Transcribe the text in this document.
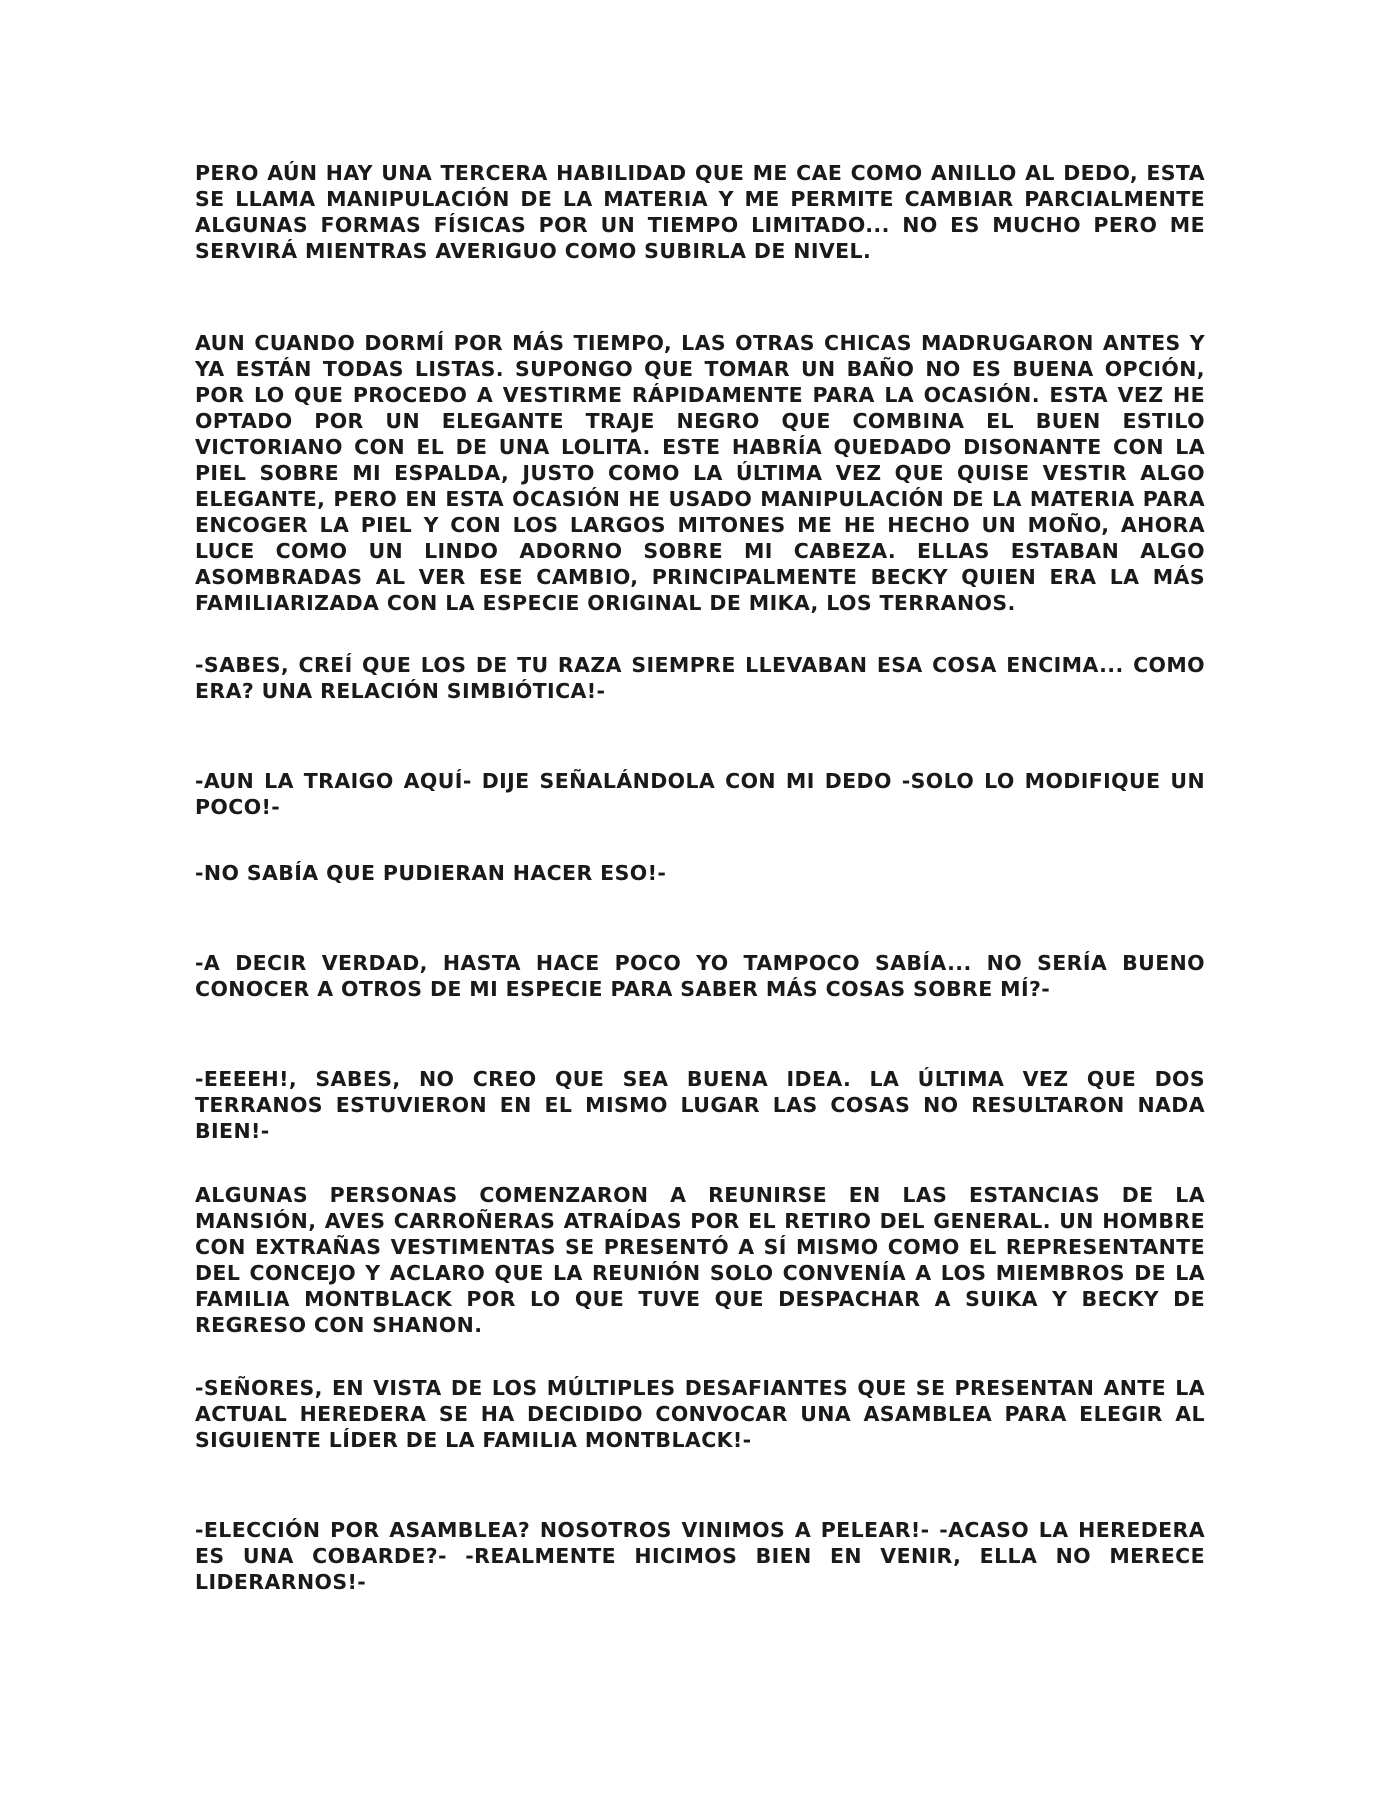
PERO AÚN HAY UNA TERCERA HABILIDAD QUE ME CAE COMO ANILLO AL DEDO, ESTA SE LLAMA MANIPULACIÓN DE LA MATERIA Y ME PERMITE CAMBIAR PARCIALMENTE ALGUNAS FORMAS FÍSICAS POR UN TIEMPO LIMITADO... NO ES MUCHO PERO ME SERVIRÁ MIENTRAS AVERIGUO COMO SUBIRLA DE NIVEL.

AUN CUANDO DORMÍ POR MÁS TIEMPO, LAS OTRAS CHICAS MADRUGARON ANTES Y YA ESTÁN TODAS LISTAS. SUPONGO QUE TOMAR UN BAÑO NO ES BUENA OPCIÓN, POR LO QUE PROCEDO A VESTIRME RÁPIDAMENTE PARA LA OCASIÓN. ESTA VEZ HE OPTADO POR UN ELEGANTE TRAJE NEGRO QUE COMBINA EL BUEN ESTILO VICTORIANO CON EL DE UNA LOLITA. ESTE HABRÍA QUEDADO DISONANTE CON LA PIEL SOBRE MI ESPALDA, JUSTO COMO LA ÚLTIMA VEZ QUE QUISE VESTIR ALGO ELEGANTE, PERO EN ESTA OCASIÓN HE USADO MANIPULACIÓN DE LA MATERIA PARA ENCOGER LA PIEL Y CON LOS LARGOS MITONES ME HE HECHO UN MOÑO, AHORA LUCE COMO UN LINDO ADORNO SOBRE MI CABEZA. ELLAS ESTABAN ALGO ASOMBRADAS AL VER ESE CAMBIO, PRINCIPALMENTE BECKY QUIEN ERA LA MÁS FAMILIARIZADA CON LA ESPECIE ORIGINAL DE MIKA, LOS TERRANOS.

-SABES, CREÍ QUE LOS DE TU RAZA SIEMPRE LLEVABAN ESA COSA ENCIMA... COMO ERA? UNA RELACIÓN SIMBIÓTICA!-

-AUN LA TRAIGO AQUÍ- DIJE SEÑALÁNDOLA CON MI DEDO -SOLO LO MODIFIQUE UN POCO!-

-NO SABÍA QUE PUDIERAN HACER ESO!-

-A DECIR VERDAD, HASTA HACE POCO YO TAMPOCO SABÍA... NO SERÍA BUENO CONOCER A OTROS DE MI ESPECIE PARA SABER MÁS COSAS SOBRE MÍ?-

-EEEEH!, SABES, NO CREO QUE SEA BUENA IDEA. LA ÚLTIMA VEZ QUE DOS TERRANOS ESTUVIERON EN EL MISMO LUGAR LAS COSAS NO RESULTARON NADA BIEN!-

ALGUNAS PERSONAS COMENZARON A REUNIRSE EN LAS ESTANCIAS DE LA MANSIÓN, AVES CARROÑERAS ATRAÍDAS POR EL RETIRO DEL GENERAL. UN HOMBRE CON EXTRAÑAS VESTIMENTAS SE PRESENTÓ A SÍ MISMO COMO EL REPRESENTANTE DEL CONCEJO Y ACLARO QUE LA REUNIÓN SOLO CONVENÍA A LOS MIEMBROS DE LA FAMILIA MONTBLACK POR LO QUE TUVE QUE DESPACHAR A SUIKA Y BECKY DE REGRESO CON SHANON.

-SEÑORES, EN VISTA DE LOS MÚLTIPLES DESAFIANTES QUE SE PRESENTAN ANTE LA ACTUAL HEREDERA SE HA DECIDIDO CONVOCAR UNA ASAMBLEA PARA ELEGIR AL SIGUIENTE LÍDER DE LA FAMILIA MONTBLACK!-

-ELECCIÓN POR ASAMBLEA? NOSOTROS VINIMOS A PELEAR!- -ACASO LA HEREDERA ES UNA COBARDE?- -REALMENTE HICIMOS BIEN EN VENIR, ELLA NO MERECE LIDERARNOS!-
